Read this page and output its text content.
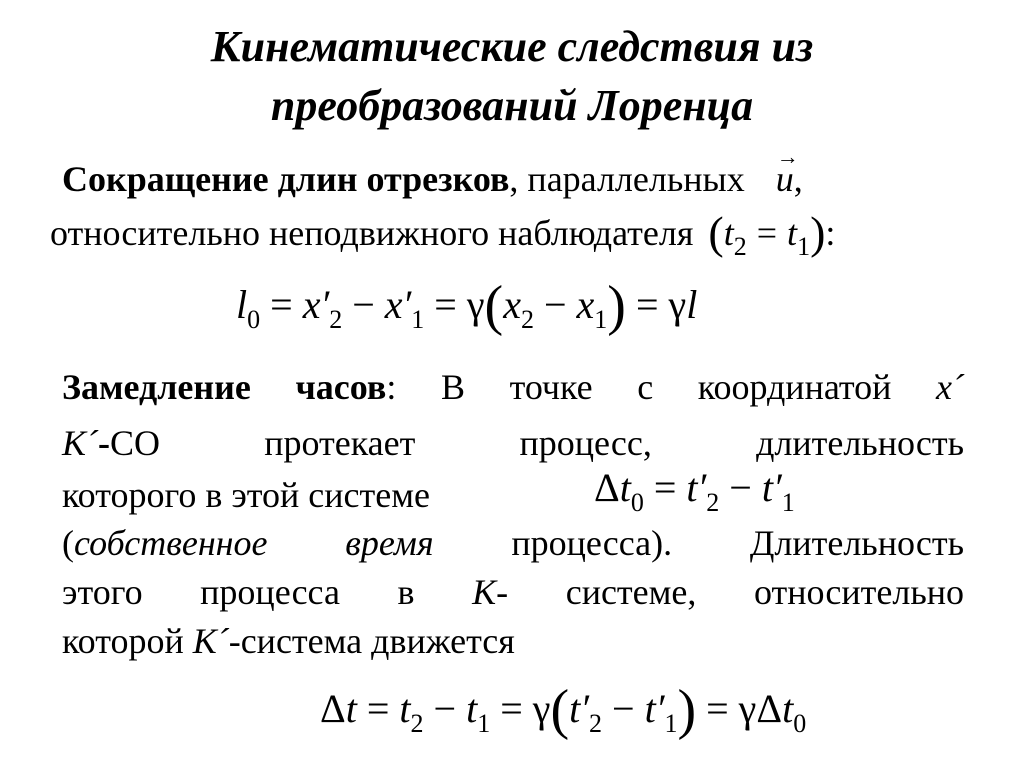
Кинематические следствия из
преобразований Лоренца
Сокращение длин отрезков, параллельных → u,
относительно неподвижного наблюдателя $(t_2 = t_1)$:
$l_0 = x'_2 - x'_1 = \gamma(x_2 - x_1) = \gamma l$
Замедление часов: В точке с координатой x´
K´-СО	протекает процесс, длительность
которого в этой системе	$\Delta t_0 = t'_2 - t'_1$
(собственное время процесса). Длительность
этого процесса в K- системе, относительно
которой K´-система движется
$\Delta t = t_2 - t_1 = \gamma(t'_2 - t'_1) = \gamma\Delta t_0$
